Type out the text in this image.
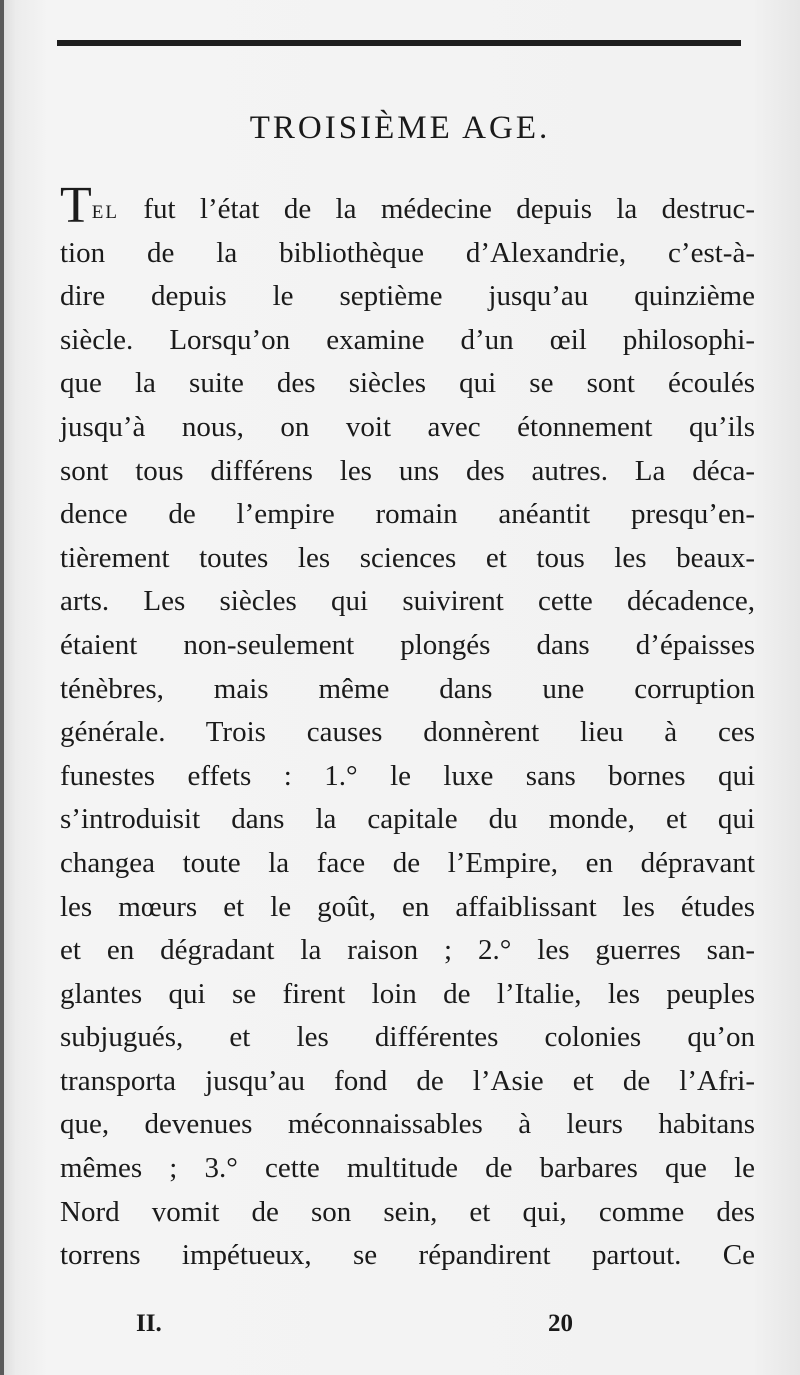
TROISIÈME AGE.
TEL fut l’état de la médecine depuis la destruc-
tion de la bibliothèque d’Alexandrie, c’est-à-
dire depuis le septième jusqu’au quinzième
siècle. Lorsqu’on examine d’un œil philosophi-
que la suite des siècles qui se sont écoulés
jusqu’à nous, on voit avec étonnement qu’ils
sont tous différens les uns des autres. La déca-
dence de l’empire romain anéantit presqu’en-
tièrement toutes les sciences et tous les beaux-
arts. Les siècles qui suivirent cette décadence,
étaient non-seulement plongés dans d’épaisses
ténèbres, mais même dans une corruption
générale. Trois causes donnèrent lieu à ces
funestes effets : 1.° le luxe sans bornes qui
s’introduisit dans la capitale du monde, et qui
changea toute la face de l’Empire, en dépravant
les mœurs et le goût, en affaiblissant les études
et en dégradant la raison ; 2.° les guerres san-
glantes qui se firent loin de l’Italie, les peuples
subjugués, et les différentes colonies qu’on
transporta jusqu’au fond de l’Asie et de l’Afri-
que, devenues méconnaissables à leurs habitans
mêmes ; 3.° cette multitude de barbares que le
Nord vomit de son sein, et qui, comme des
torrens impétueux, se répandirent partout. Ce
II.	20
